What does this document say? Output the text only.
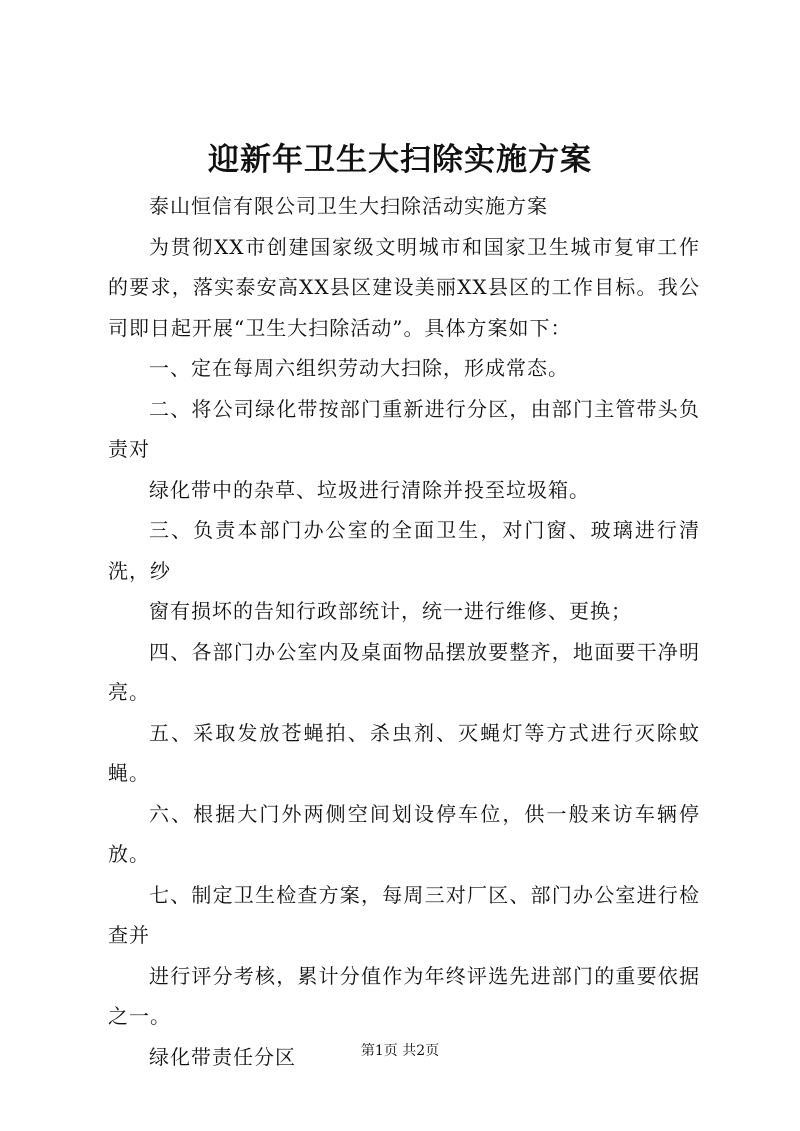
迎新年卫生大扫除实施方案

泰山恒信有限公司卫生大扫除活动实施方案

为贯彻XX市创建国家级文明城市和国家卫生城市复审工作的要求，落实泰安高XX县区建设美丽XX县区的工作目标。我公司即日起开展“卫生大扫除活动”。具体方案如下：

一、定在每周六组织劳动大扫除，形成常态。

二、将公司绿化带按部门重新进行分区，由部门主管带头负责对

绿化带中的杂草、垃圾进行清除并投至垃圾箱。

三、负责本部门办公室的全面卫生，对门窗、玻璃进行清洗，纱

窗有损坏的告知行政部统计，统一进行维修、更换；

四、各部门办公室内及桌面物品摆放要整齐，地面要干净明亮。

五、采取发放苍蝇拍、杀虫剂、灭蝇灯等方式进行灭除蚊蝇。

六、根据大门外两侧空间划设停车位，供一般来访车辆停放。

七、制定卫生检查方案，每周三对厂区、部门办公室进行检查并

进行评分考核，累计分值作为年终评选先进部门的重要依据之一。

绿化带责任分区	第1页 共2页
